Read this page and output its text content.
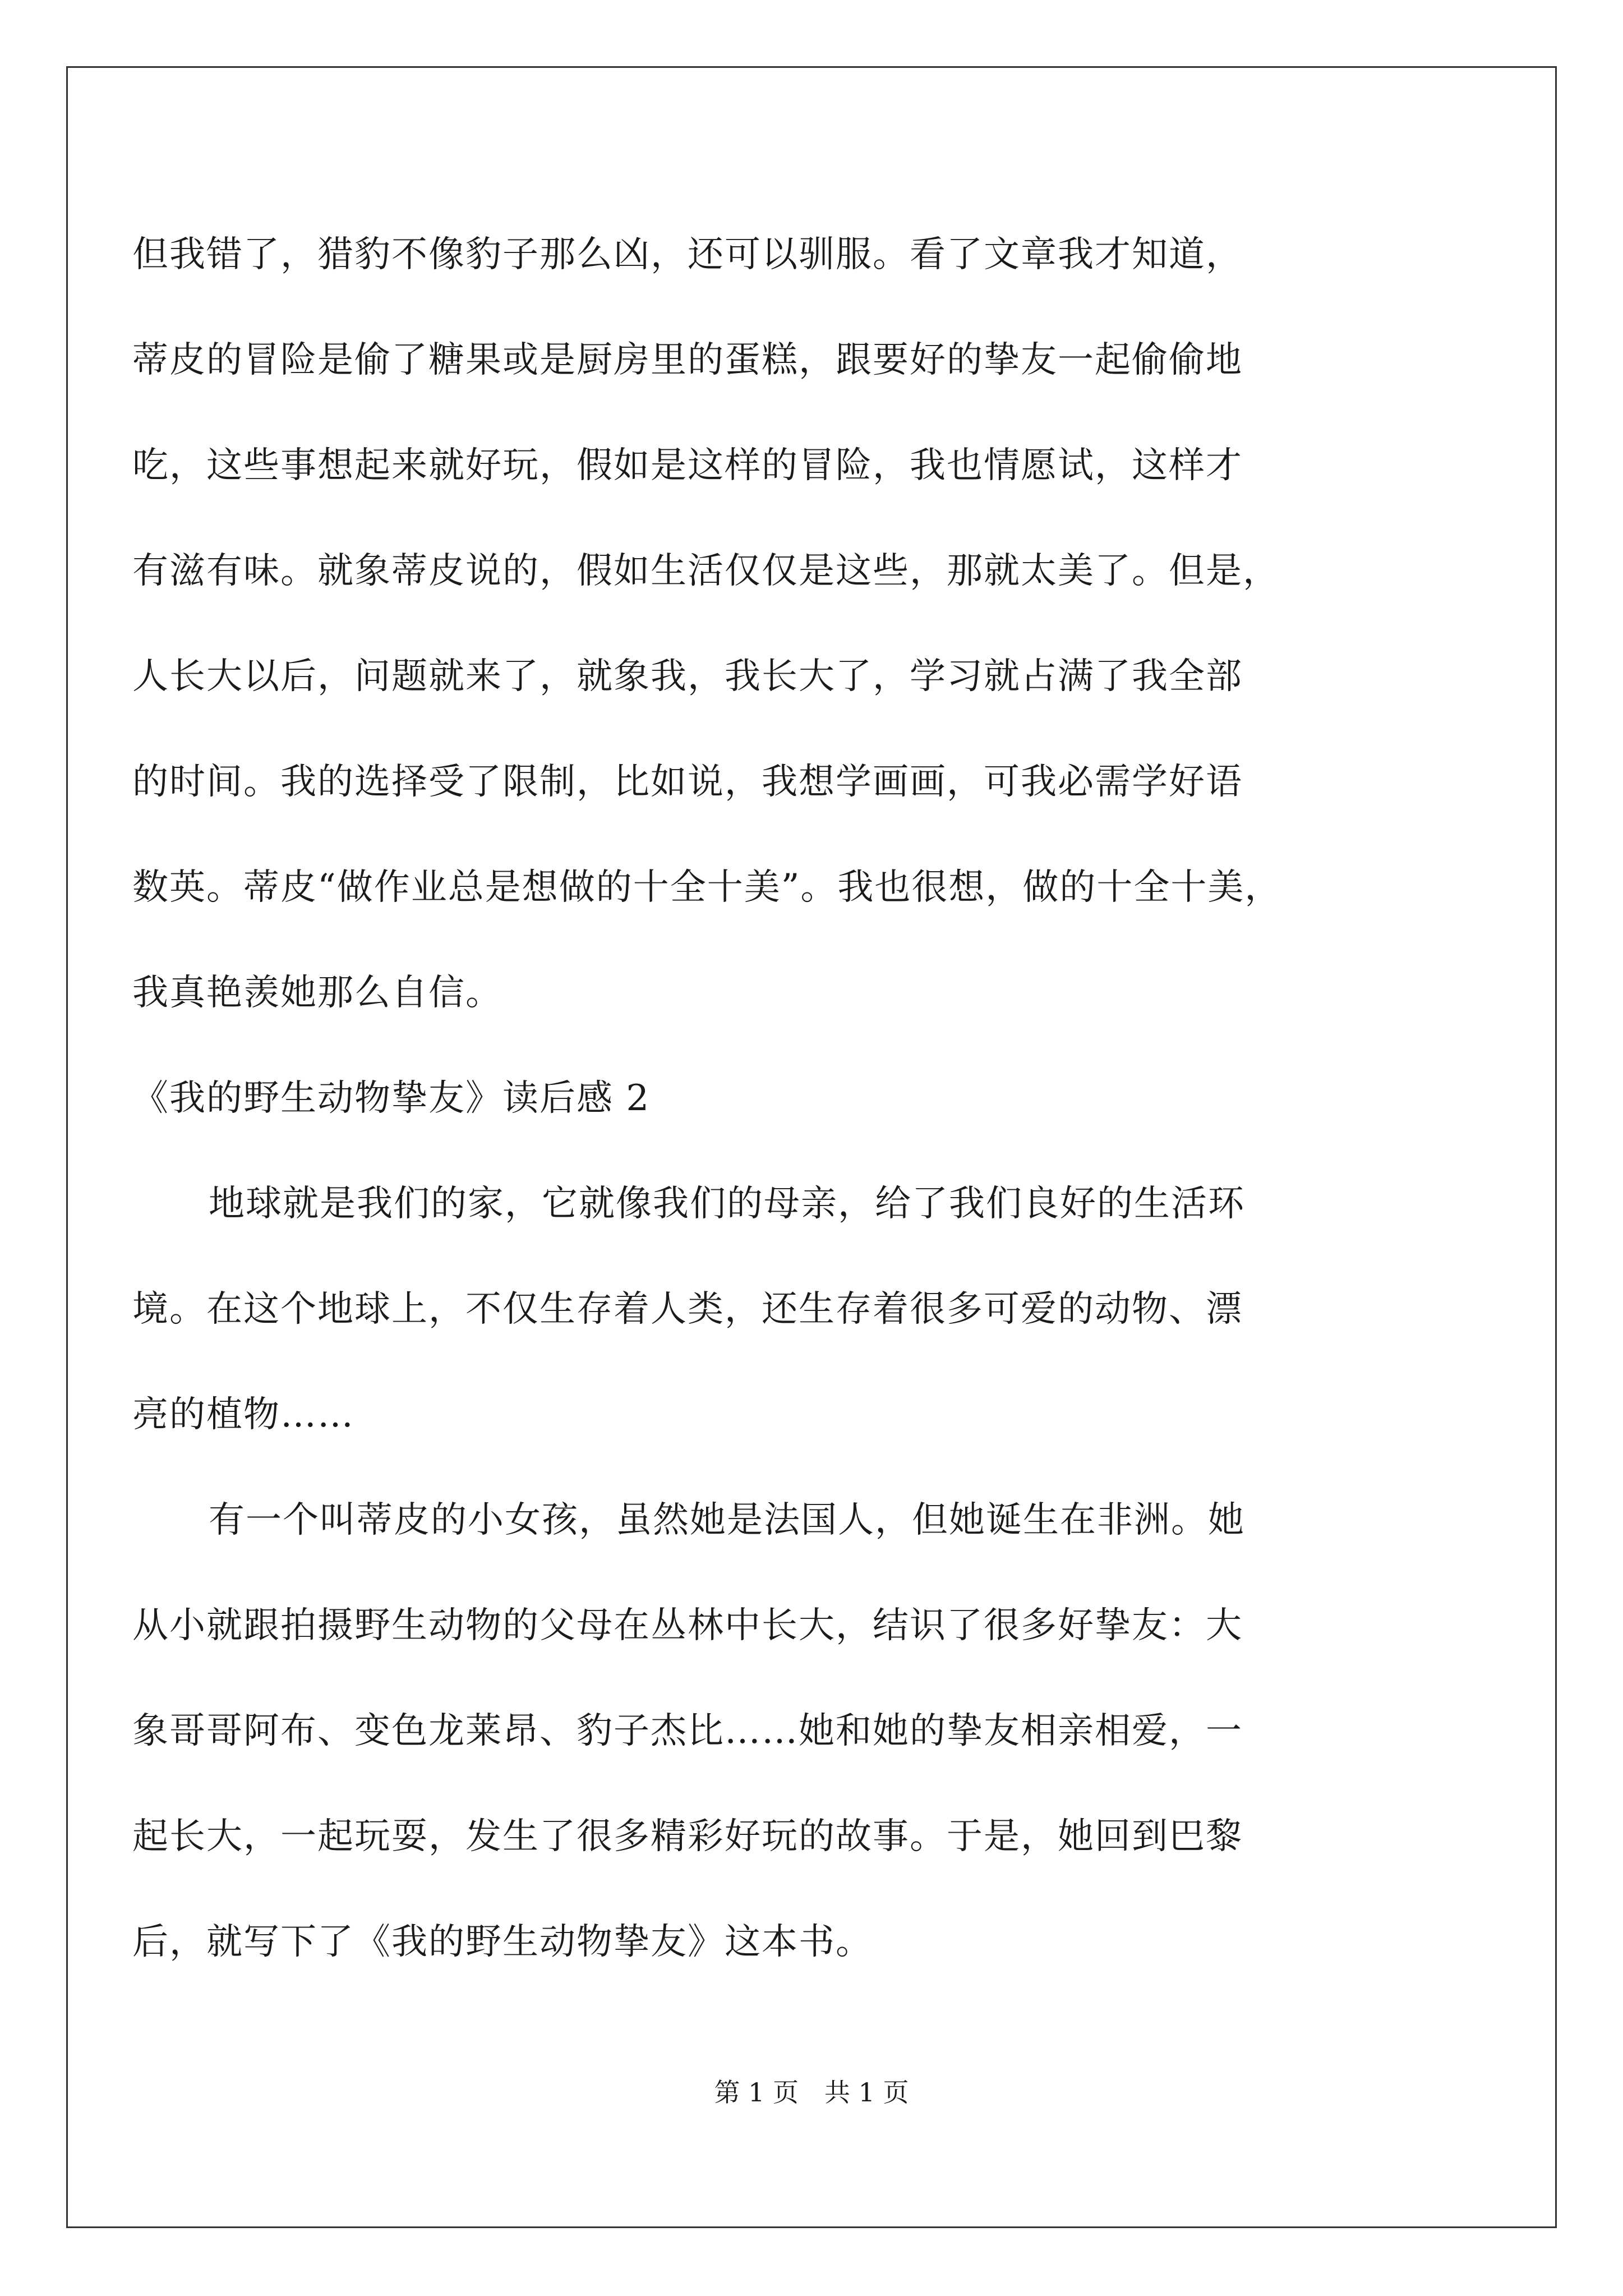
但我错了，猎豹不像豹子那么凶，还可以驯服。看了文章我才知道，
蒂皮的冒险是偷了糖果或是厨房里的蛋糕，跟要好的挚友一起偷偷地
吃，这些事想起来就好玩，假如是这样的冒险，我也情愿试，这样才
有滋有味。就象蒂皮说的，假如生活仅仅是这些，那就太美了。但是，
人长大以后，问题就来了，就象我，我长大了，学习就占满了我全部
的时间。我的选择受了限制，比如说，我想学画画，可我必需学好语
数英。蒂皮“做作业总是想做的十全十美”。我也很想，做的十全十美，
我真艳羡她那么自信。
《我的野生动物挚友》读后感 2
地球就是我们的家，它就像我们的母亲，给了我们良好的生活环
境。在这个地球上，不仅生存着人类，还生存着很多可爱的动物、漂
亮的植物……
有一个叫蒂皮的小女孩，虽然她是法国人，但她诞生在非洲。她
从小就跟拍摄野生动物的父母在丛林中长大，结识了很多好挚友：大
象哥哥阿布、变色龙莱昂、豹子杰比……她和她的挚友相亲相爱，一
起长大，一起玩耍，发生了很多精彩好玩的故事。于是，她回到巴黎
后，就写下了《我的野生动物挚友》这本书。
第 1 页　共 1 页
